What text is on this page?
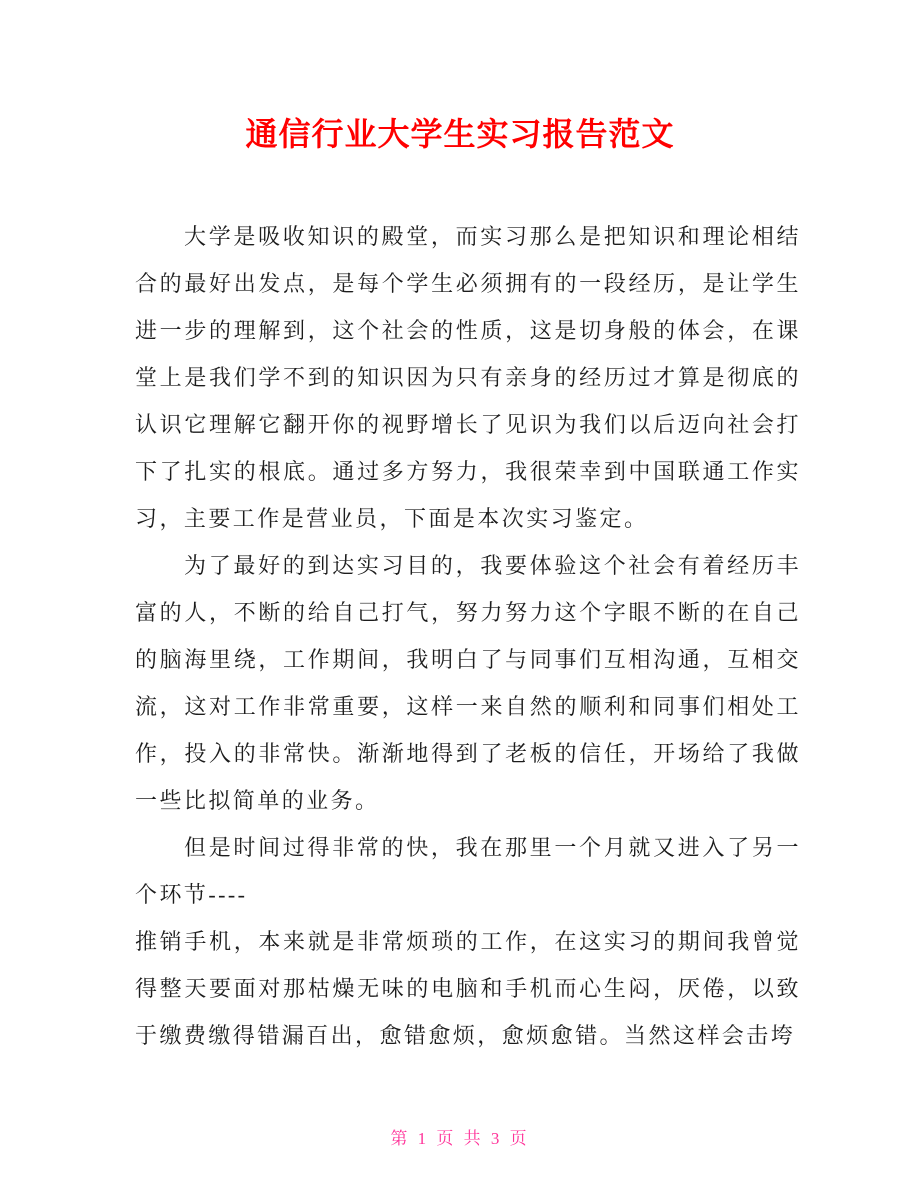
通信行业大学生实习报告范文

大学是吸收知识的殿堂，而实习那么是把知识和理论相结合的最好出发点，是每个学生必须拥有的一段经历，是让学生进一步的理解到，这个社会的性质，这是切身般的体会，在课堂上是我们学不到的知识因为只有亲身的经历过才算是彻底的认识它理解它翻开你的视野增长了见识为我们以后迈向社会打下了扎实的根底。通过多方努力，我很荣幸到中国联通工作实习，主要工作是营业员，下面是本次实习鉴定。

为了最好的到达实习目的，我要体验这个社会有着经历丰富的人，不断的给自己打气，努力努力这个字眼不断的在自己的脑海里绕，工作期间，我明白了与同事们互相沟通，互相交流，这对工作非常重要，这样一来自然的顺利和同事们相处工作，投入的非常快。渐渐地得到了老板的信任，开场给了我做一些比拟简单的业务。

但是时间过得非常的快，我在那里一个月就又进入了另一个环节----

推销手机，本来就是非常烦琐的工作，在这实习的期间我曾觉得整天要面对那枯燥无味的电脑和手机而心生闷，厌倦，以致于缴费缴得错漏百出，愈错愈烦，愈烦愈错。当然这样会击垮

第 1 页 共 3 页
